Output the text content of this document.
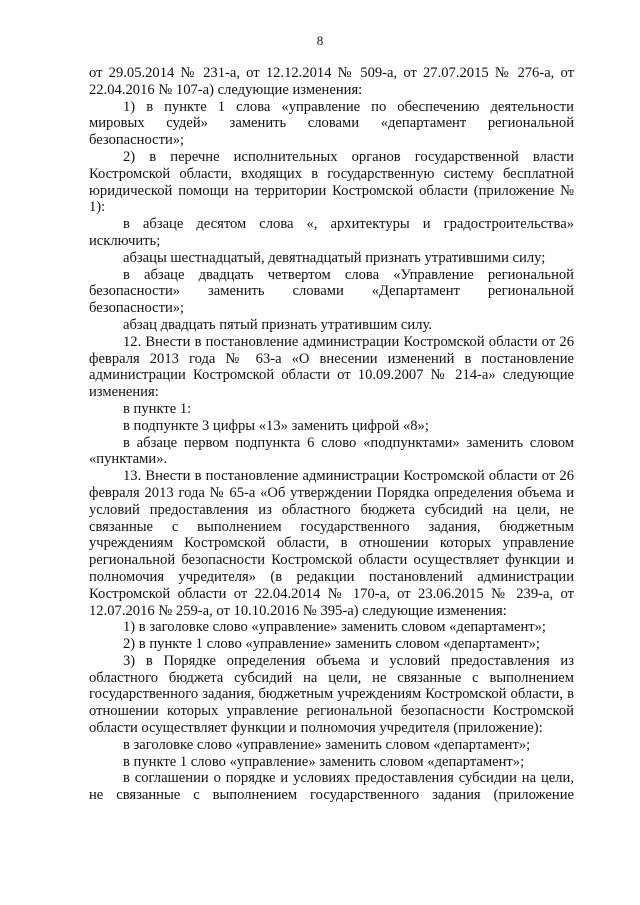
8

от 29.05.2014 № 231-а, от 12.12.2014 № 509-а, от 27.07.2015 № 276-а, от 22.04.2016 № 107-а) следующие изменения:

1) в пункте 1 слова «управление по обеспечению деятельности мировых судей» заменить словами «департамент региональной безопасности»;

2) в перечне исполнительных органов государственной власти Костромской области, входящих в государственную систему бесплатной юридической помощи на территории Костромской области (приложение № 1):

в абзаце десятом слова «, архитектуры и градостроительства» исключить;

абзацы шестнадцатый, девятнадцатый признать утратившими силу;

в абзаце двадцать четвертом слова «Управление региональной безопасности» заменить словами «Департамент региональной безопасности»;

абзац двадцать пятый признать утратившим силу.

12. Внести в постановление администрации Костромской области от 26 февраля 2013 года № 63-а «О внесении изменений в постановление администрации Костромской области от 10.09.2007 № 214-а» следующие изменения:

в пункте 1:

в подпункте 3 цифры «13» заменить цифрой «8»;

в абзаце первом подпункта 6 слово «подпунктами» заменить словом «пунктами».

13. Внести в постановление администрации Костромской области от 26 февраля 2013 года № 65-а «Об утверждении Порядка определения объема и условий предоставления из областного бюджета субсидий на цели, не связанные с выполнением государственного задания, бюджетным учреждениям Костромской области, в отношении которых управление региональной безопасности Костромской области осуществляет функции и полномочия учредителя» (в редакции постановлений администрации Костромской области от 22.04.2014 № 170-а, от 23.06.2015 № 239-а, от 12.07.2016 № 259-а, от 10.10.2016 № 395-а) следующие изменения:

1) в заголовке слово «управление» заменить словом «департамент»;

2) в пункте 1 слово «управление» заменить словом «департамент»;

3) в Порядке определения объема и условий предоставления из областного бюджета субсидий на цели, не связанные с выполнением государственного задания, бюджетным учреждениям Костромской области, в отношении которых управление региональной безопасности Костромской области осуществляет функции и полномочия учредителя (приложение):

в заголовке слово «управление» заменить словом «департамент»;

в пункте 1 слово «управление» заменить словом «департамент»;

в соглашении о порядке и условиях предоставления субсидии на цели, не связанные с выполнением государственного задания (приложение
